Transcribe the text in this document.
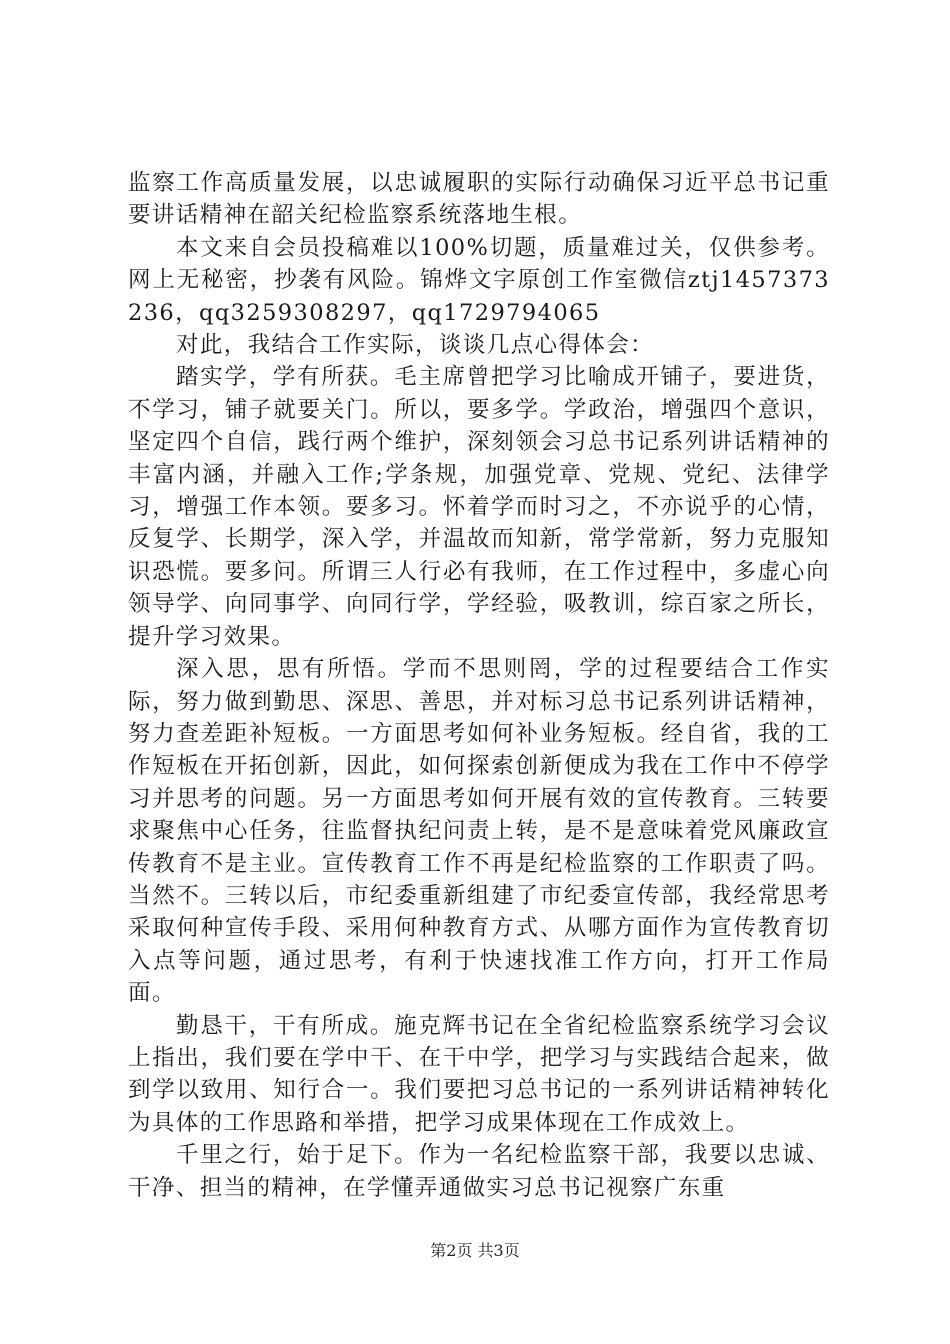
监察工作高质量发展，以忠诚履职的实际行动确保习近平总书记重要讲话精神在韶关纪检监察系统落地生根。

本文来自会员投稿难以100%切题，质量难过关，仅供参考。网上无秘密，抄袭有风险。锦烨文字原创工作室微信ztj1457373236，qq3259308297，qq1729794065

对此，我结合工作实际，谈谈几点心得体会：

踏实学，学有所获。毛主席曾把学习比喻成开铺子，要进货，不学习，铺子就要关门。所以，要多学。学政治，增强四个意识，坚定四个自信，践行两个维护，深刻领会习总书记系列讲话精神的丰富内涵，并融入工作;学条规，加强党章、党规、党纪、法律学习，增强工作本领。要多习。怀着学而时习之，不亦说乎的心情，反复学、长期学，深入学，并温故而知新，常学常新，努力克服知识恐慌。要多问。所谓三人行必有我师，在工作过程中，多虚心向领导学、向同事学、向同行学，学经验，吸教训，综百家之所长，提升学习效果。

深入思，思有所悟。学而不思则罔，学的过程要结合工作实际，努力做到勤思、深思、善思，并对标习总书记系列讲话精神，努力查差距补短板。一方面思考如何补业务短板。经自省，我的工作短板在开拓创新，因此，如何探索创新便成为我在工作中不停学习并思考的问题。另一方面思考如何开展有效的宣传教育。三转要求聚焦中心任务，往监督执纪问责上转，是不是意味着党风廉政宣传教育不是主业。宣传教育工作不再是纪检监察的工作职责了吗。当然不。三转以后，市纪委重新组建了市纪委宣传部，我经常思考采取何种宣传手段、采用何种教育方式、从哪方面作为宣传教育切入点等问题，通过思考，有利于快速找准工作方向，打开工作局面。

勤恳干，干有所成。施克辉书记在全省纪检监察系统学习会议上指出，我们要在学中干、在干中学，把学习与实践结合起来，做到学以致用、知行合一。我们要把习总书记的一系列讲话精神转化为具体的工作思路和举措，把学习成果体现在工作成效上。

千里之行，始于足下。作为一名纪检监察干部，我要以忠诚、干净、担当的精神，在学懂弄通做实习总书记视察广东重

第2页 共3页
